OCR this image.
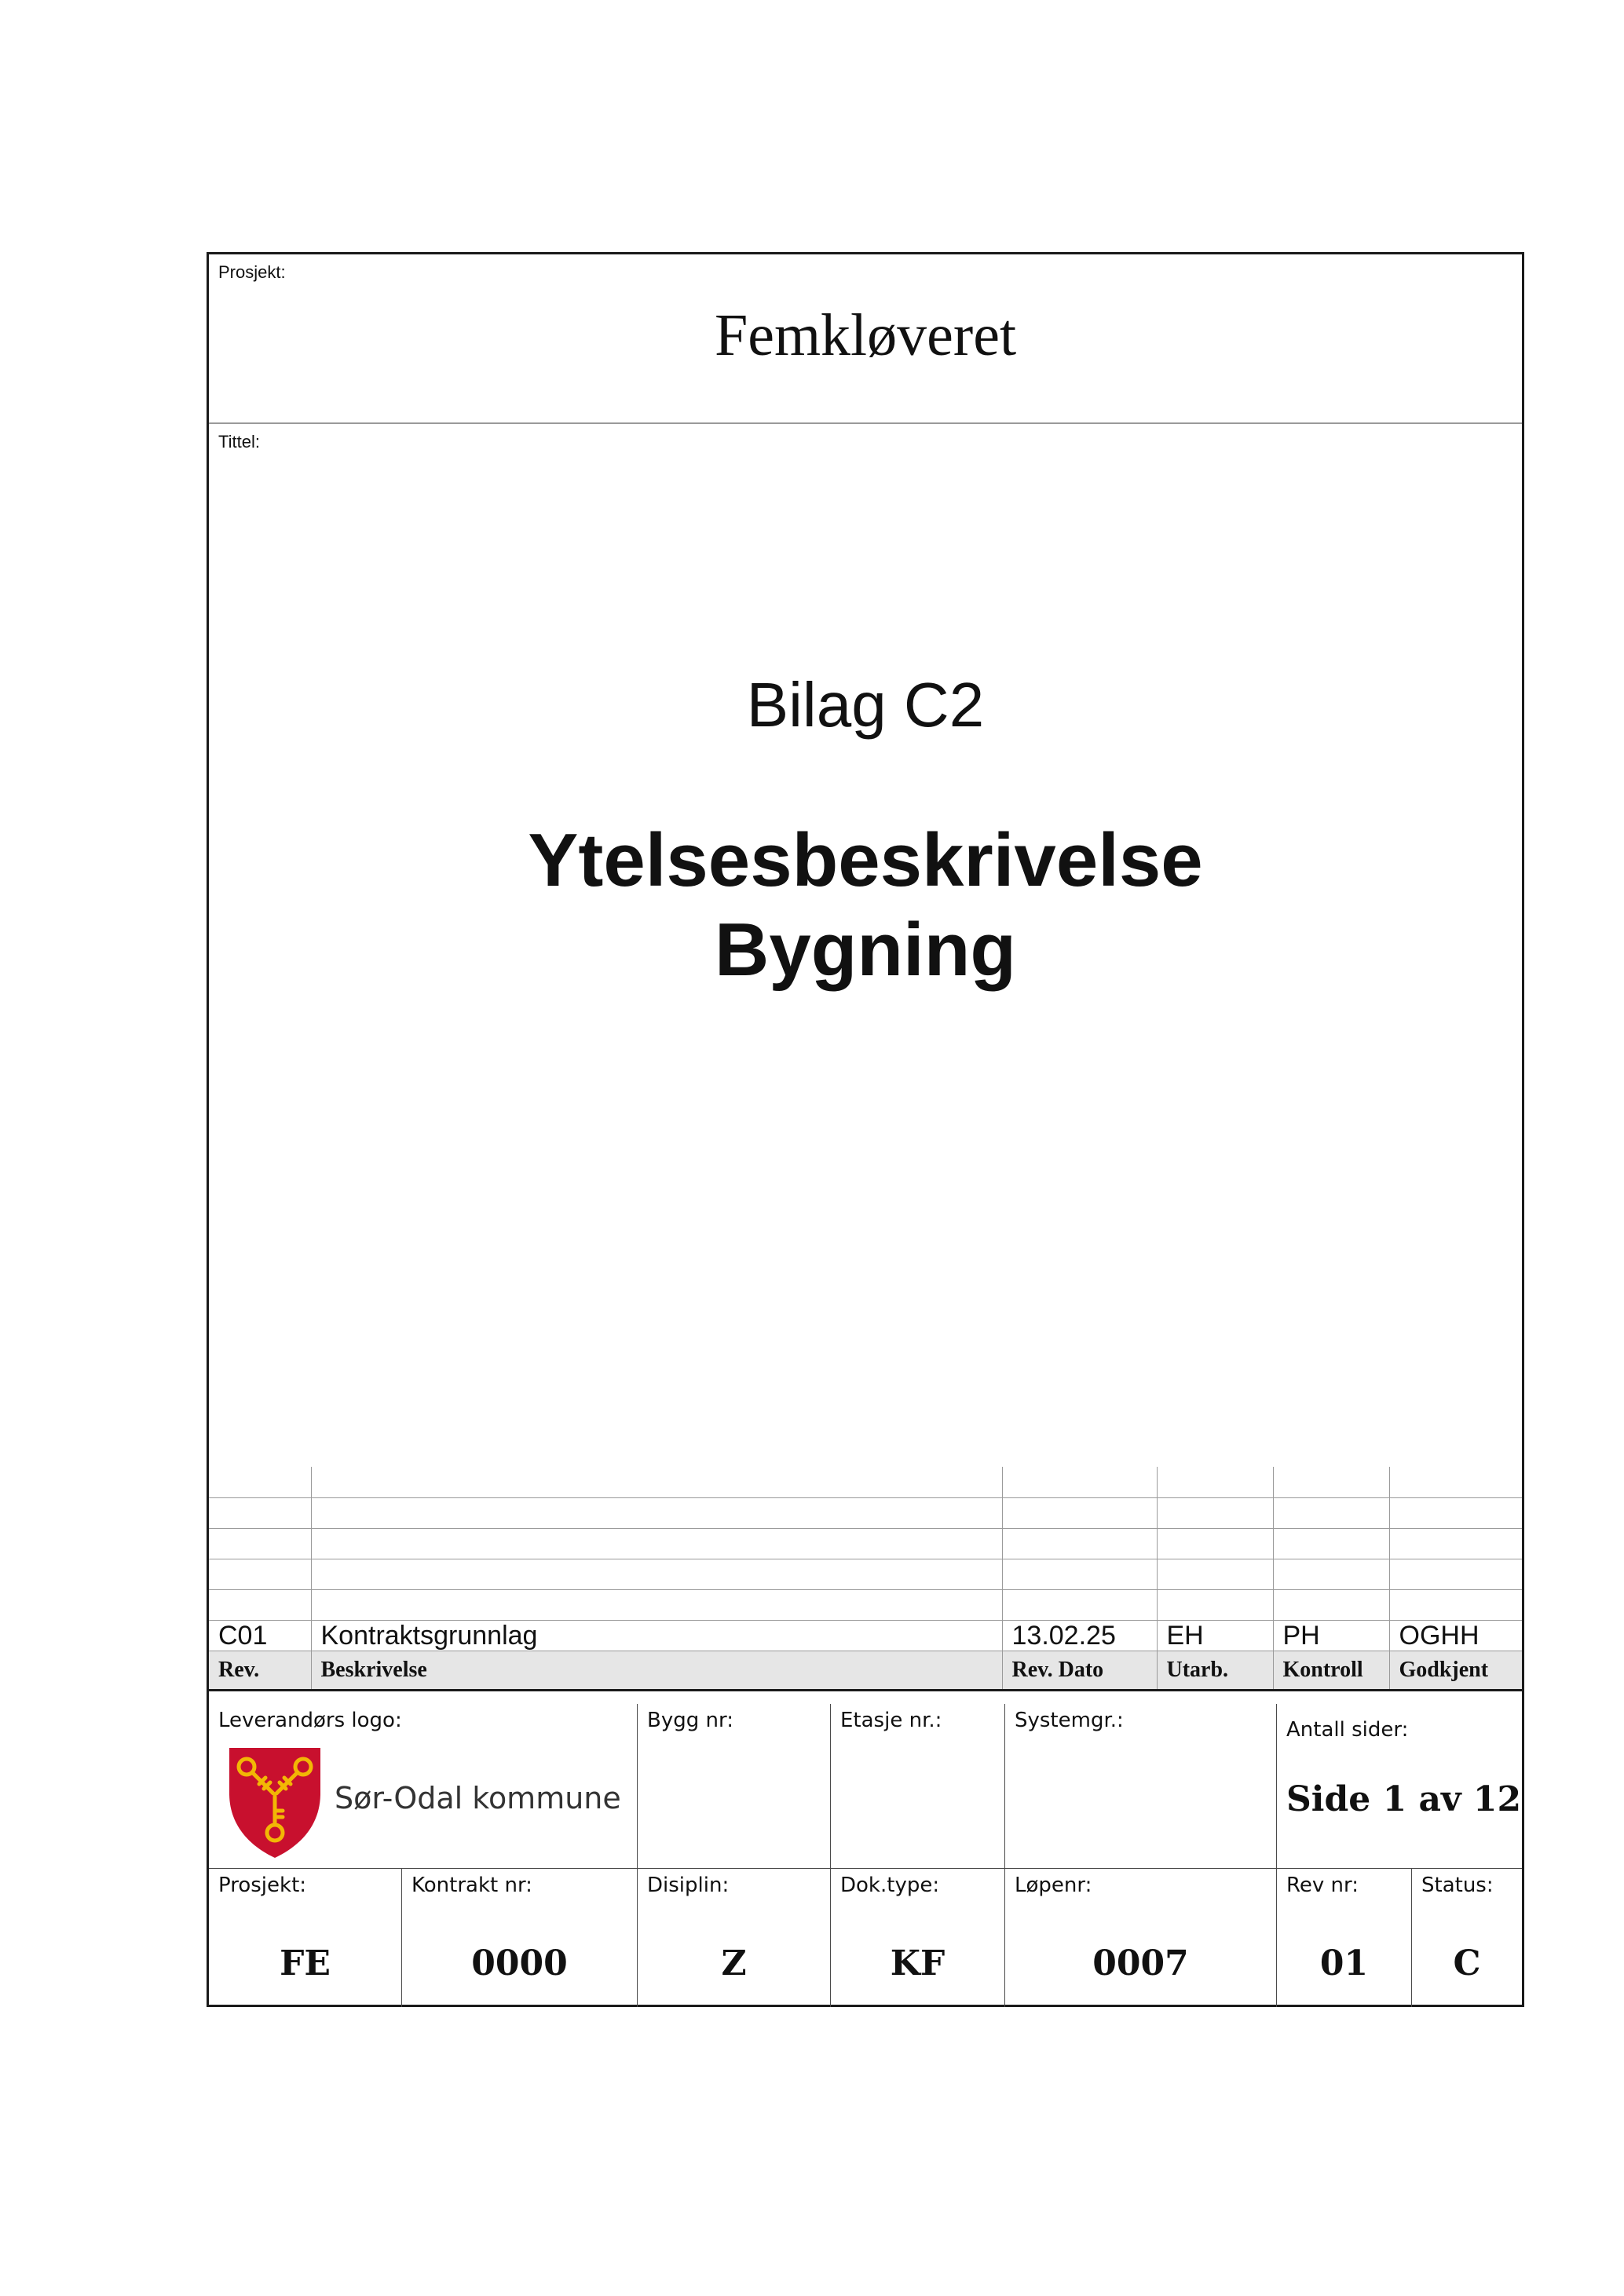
Prosjekt:
Femkløveret
Tittel:
Bilag C2
Ytelsesbeskrivelse
Bygning

C01	Kontraktsgrunnlag	13.02.25	EH	PH	OGHH
Rev.	Beskrivelse	Rev. Dato	Utarb.	Kontroll	Godkjent
Leverandørs logo:
Sør-Odal kommune
Bygg nr:	Etasje nr.:	Systemgr.:	Antall sider:
Side 1 av 12
Prosjekt:
FE
Kontrakt nr:
0000
Disiplin:
Z
Dok.type:
KF
Løpenr:
0007
Rev nr:
01
Status:
C
